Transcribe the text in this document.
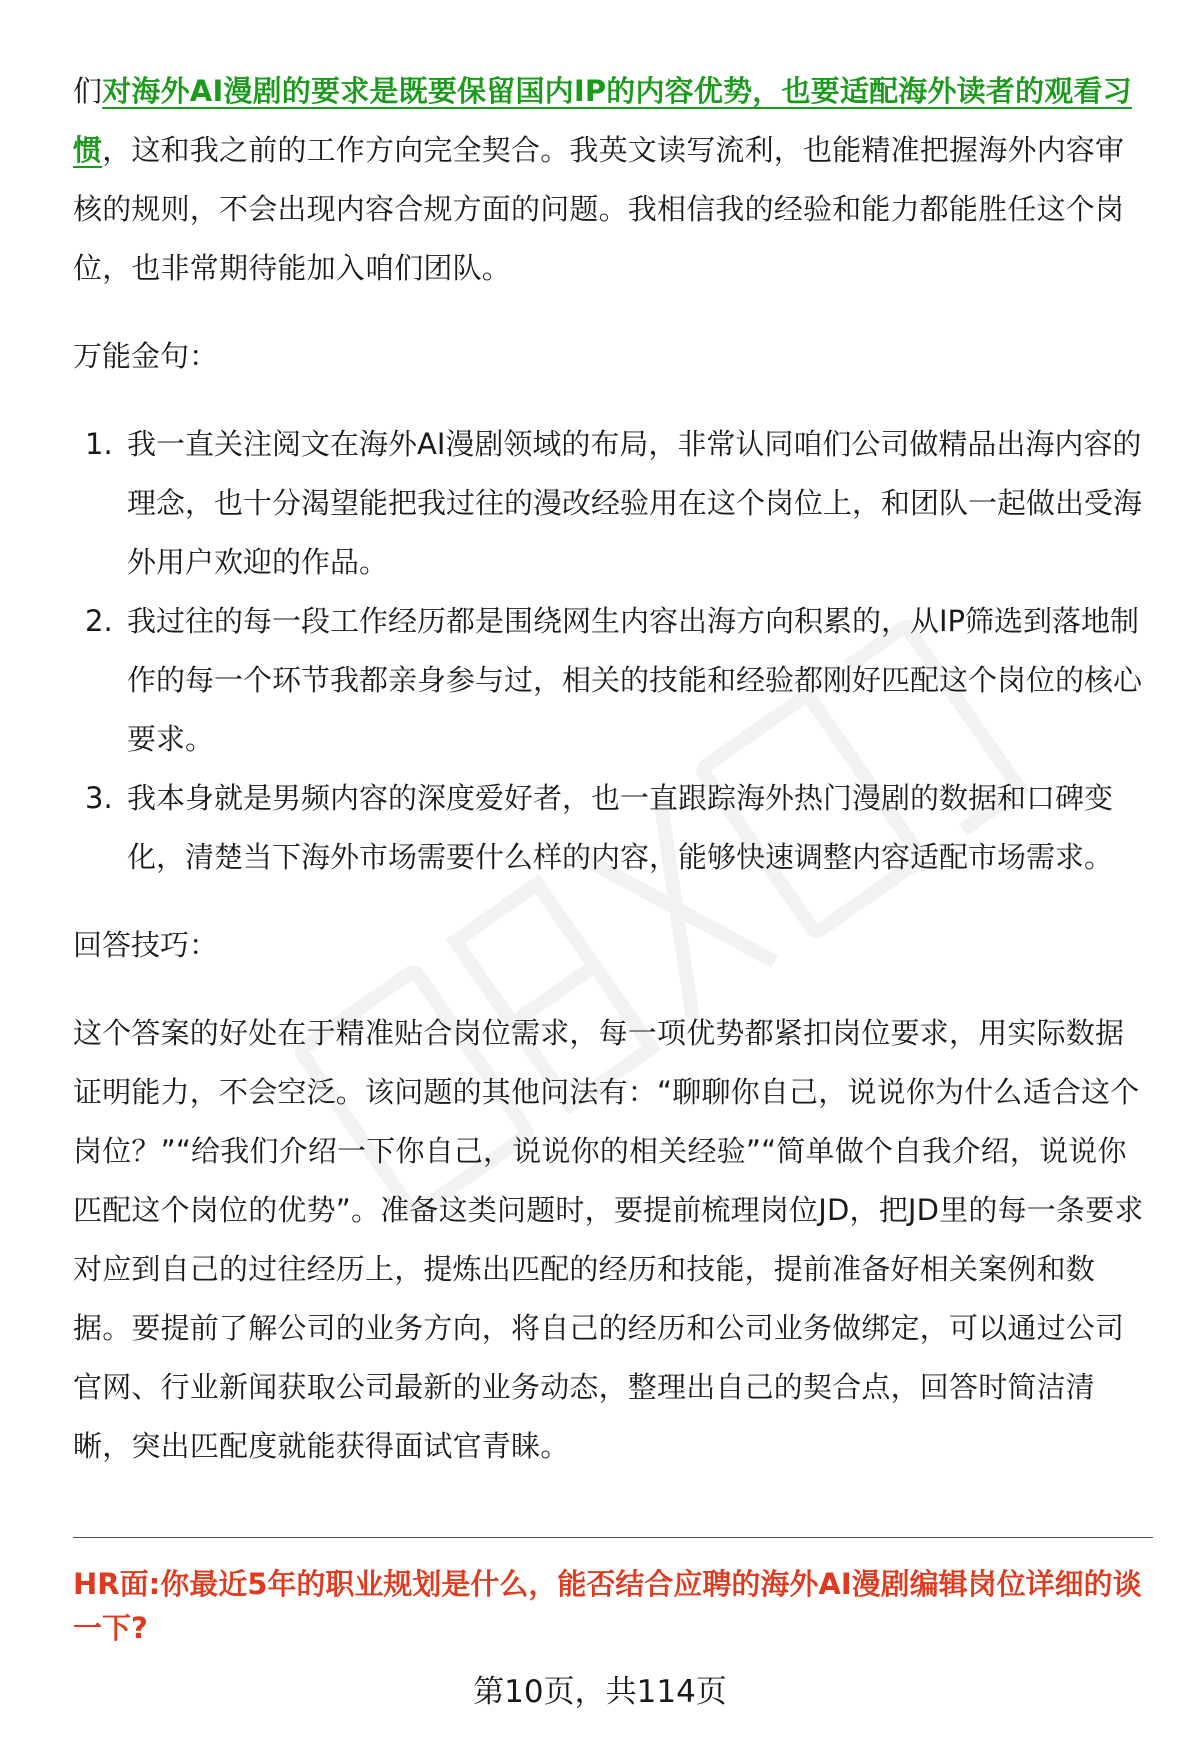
们对海外AI漫剧的要求是既要保留国内IP的内容优势，也要适配海外读者的观看习惯，这和我之前的工作方向完全契合。我英文读写流利，也能精准把握海外内容审核的规则，不会出现内容合规方面的问题。我相信我的经验和能力都能胜任这个岗位，也非常期待能加入咱们团队。

万能金句：

1. 我一直关注阅文在海外AI漫剧领域的布局，非常认同咱们公司做精品出海内容的理念，也十分渴望能把我过往的漫改经验用在这个岗位上，和团队一起做出受海外用户欢迎的作品。
2. 我过往的每一段工作经历都是围绕网生内容出海方向积累的，从IP筛选到落地制作的每一个环节我都亲身参与过，相关的技能和经验都刚好匹配这个岗位的核心要求。
3. 我本身就是男频内容的深度爱好者，也一直跟踪海外热门漫剧的数据和口碑变化，清楚当下海外市场需要什么样的内容，能够快速调整内容适配市场需求。

回答技巧：

这个答案的好处在于精准贴合岗位需求，每一项优势都紧扣岗位要求，用实际数据证明能力，不会空泛。该问题的其他问法有：“聊聊你自己，说说你为什么适合这个岗位？”“给我们介绍一下你自己，说说你的相关经验”“简单做个自我介绍，说说你匹配这个岗位的优势”。准备这类问题时，要提前梳理岗位JD，把JD里的每一条要求对应到自己的过往经历上，提炼出匹配的经历和技能，提前准备好相关案例和数据。要提前了解公司的业务方向，将自己的经历和公司业务做绑定，可以通过公司官网、行业新闻获取公司最新的业务动态，整理出自己的契合点，回答时简洁清晰，突出匹配度就能获得面试官青睐。

HR面:你最近5年的职业规划是什么，能否结合应聘的海外AI漫剧编辑岗位详细的谈一下?
第10页，共114页
